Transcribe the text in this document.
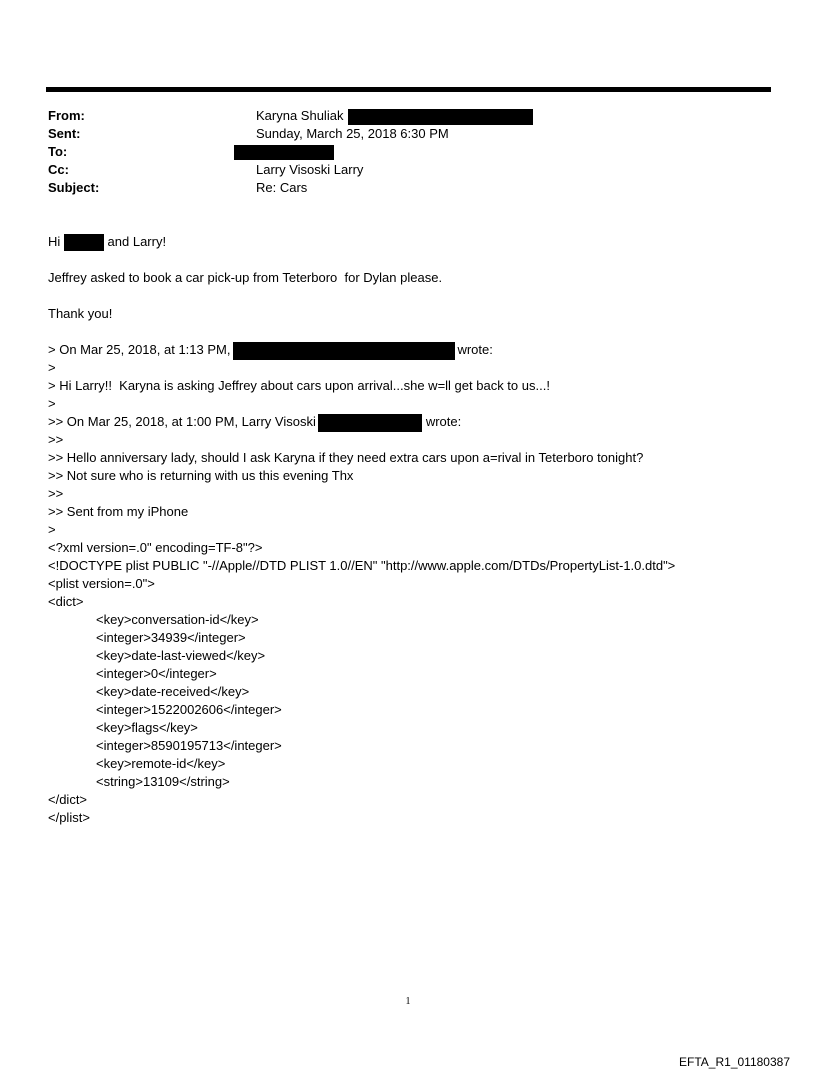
From:	Karyna Shuliak
Sent:	Sunday, March 25, 2018 6:30 PM
To:
Cc:	Larry Visoski Larry
Subject:	Re: Cars
Hi	and Larry!
Jeffrey asked to book a car pick-up from Teterboro  for Dylan please.
Thank you!
> On Mar 25, 2018, at 1:13 PM,	wrote:
>
> Hi Larry!!  Karyna is asking Jeffrey about cars upon arrival...she w=ll get back to us...!
>
>> On Mar 25, 2018, at 1:00 PM, Larry Visoski	wrote:
>>
>> Hello anniversary lady, should I ask Karyna if they need extra cars upon a=rival in Teterboro tonight?
>> Not sure who is returning with us this evening Thx
>>
>> Sent from my iPhone
>
<?xml version=.0" encoding=TF-8"?>
<!DOCTYPE plist PUBLIC "-//Apple//DTD PLIST 1.0//EN" "http://www.apple.com/DTDs/PropertyList-1.0.dtd">
<plist version=.0">
<dict>
<key>conversation-id</key>
<integer>34939</integer>
<key>date-last-viewed</key>
<integer>0</integer>
<key>date-received</key>
<integer>1522002606</integer>
<key>flags</key>
<integer>8590195713</integer>
<key>remote-id</key>
<string>13109</string>
</dict>
</plist>
1
EFTA_R1_01180387
